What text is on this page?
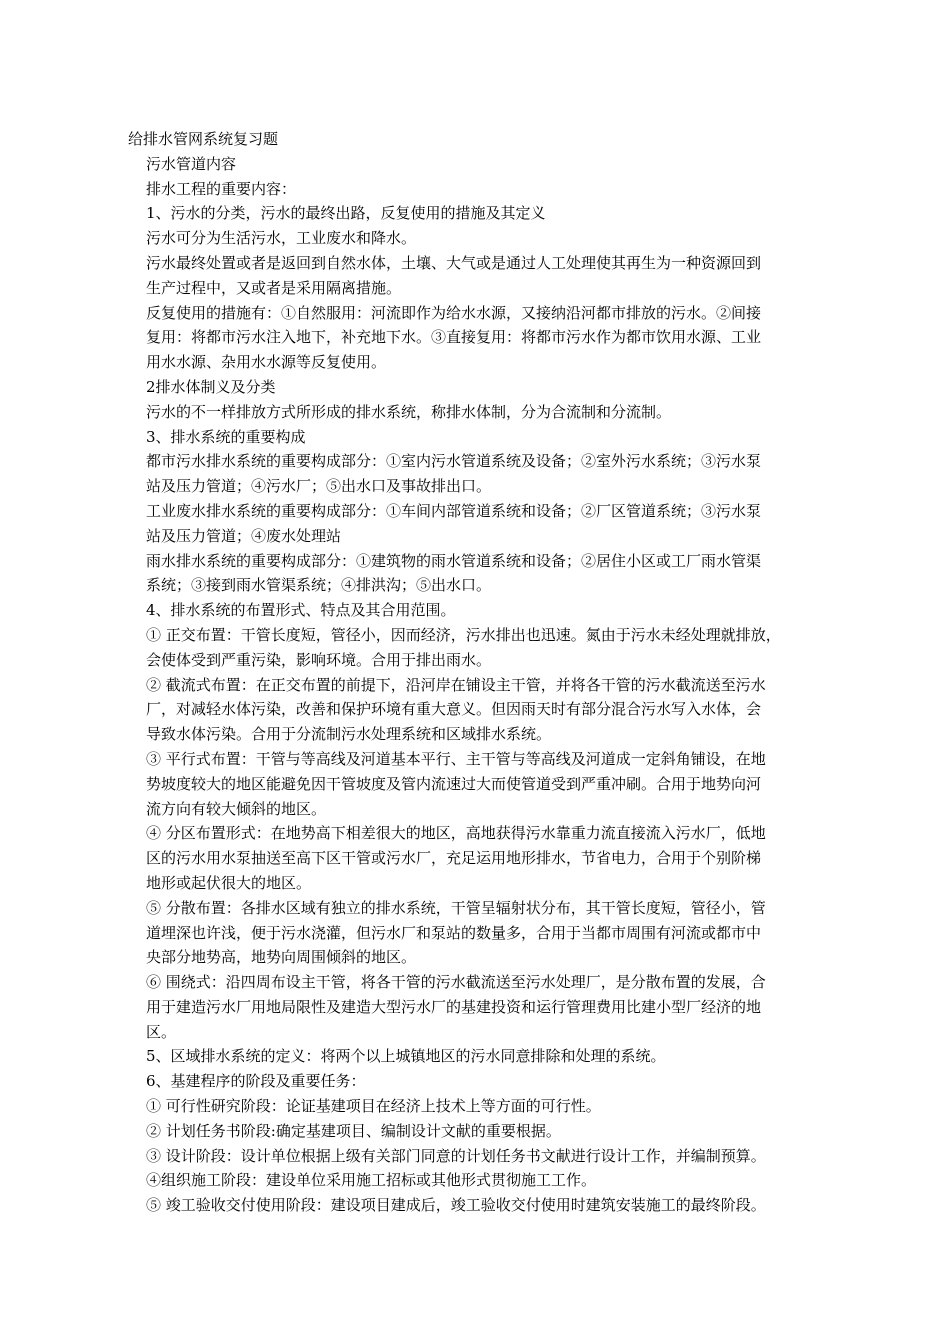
给排水管网系统复习题
污水管道内容
排水工程的重要内容：
1、污水的分类，污水的最终出路，反复使用的措施及其定义
污水可分为生活污水，工业废水和降水。
污水最终处置或者是返回到自然水体，土壤、大气或是通过人工处理使其再生为一种资源回到
生产过程中，又或者是采用隔离措施。
反复使用的措施有：①自然服用：河流即作为给水水源，又接纳沿河都市排放的污水。②间接
复用：将都市污水注入地下，补充地下水。③直接复用：将都市污水作为都市饮用水源、工业
用水水源、杂用水水源等反复使用。
2排水体制义及分类
污水的不一样排放方式所形成的排水系统，称排水体制，分为合流制和分流制。
3、排水系统的重要构成
都市污水排水系统的重要构成部分：①室内污水管道系统及设备；②室外污水系统；③污水泵
站及压力管道；④污水厂；⑤出水口及事故排出口。
工业废水排水系统的重要构成部分：①车间内部管道系统和设备；②厂区管道系统；③污水泵
站及压力管道；④废水处理站
雨水排水系统的重要构成部分：①建筑物的雨水管道系统和设备；②居住小区或工厂雨水管渠
系统；③接到雨水管渠系统；④排洪沟；⑤出水口。
4、排水系统的布置形式、特点及其合用范围。
① 正交布置：干管长度短，管径小，因而经济，污水排出也迅速。氮由于污水未经处理就排放，
会使体受到严重污染，影响环境。合用于排出雨水。
② 截流式布置：在正交布置的前提下，沿河岸在铺设主干管，并将各干管的污水截流送至污水
厂，对减轻水体污染，改善和保护环境有重大意义。但因雨天时有部分混合污水写入水体，会
导致水体污染。合用于分流制污水处理系统和区域排水系统。
③ 平行式布置：干管与等高线及河道基本平行、主干管与等高线及河道成一定斜角铺设，在地
势坡度较大的地区能避免因干管坡度及管内流速过大而使管道受到严重冲刷。合用于地势向河
流方向有较大倾斜的地区。
④ 分区布置形式：在地势高下相差很大的地区，高地获得污水靠重力流直接流入污水厂，低地
区的污水用水泵抽送至高下区干管或污水厂，充足运用地形排水，节省电力，合用于个别阶梯
地形或起伏很大的地区。
⑤ 分散布置：各排水区域有独立的排水系统，干管呈辐射状分布，其干管长度短，管径小，管
道埋深也许浅，便于污水浇灌，但污水厂和泵站的数量多，合用于当都市周围有河流或都市中
央部分地势高，地势向周围倾斜的地区。
⑥ 围绕式：沿四周布设主干管，将各干管的污水截流送至污水处理厂，是分散布置的发展，合
用于建造污水厂用地局限性及建造大型污水厂的基建投资和运行管理费用比建小型厂经济的地
区。
5、区域排水系统的定义：将两个以上城镇地区的污水同意排除和处理的系统。
6、基建程序的阶段及重要任务：
① 可行性研究阶段：论证基建项目在经济上技术上等方面的可行性。
② 计划任务书阶段:确定基建项目、编制设计文献的重要根据。
③ 设计阶段：设计单位根据上级有关部门同意的计划任务书文献进行设计工作，并编制预算。
④组织施工阶段：建设单位采用施工招标或其他形式贯彻施工工作。
⑤ 竣工验收交付使用阶段：建设项目建成后，竣工验收交付使用时建筑安装施工的最终阶段。
